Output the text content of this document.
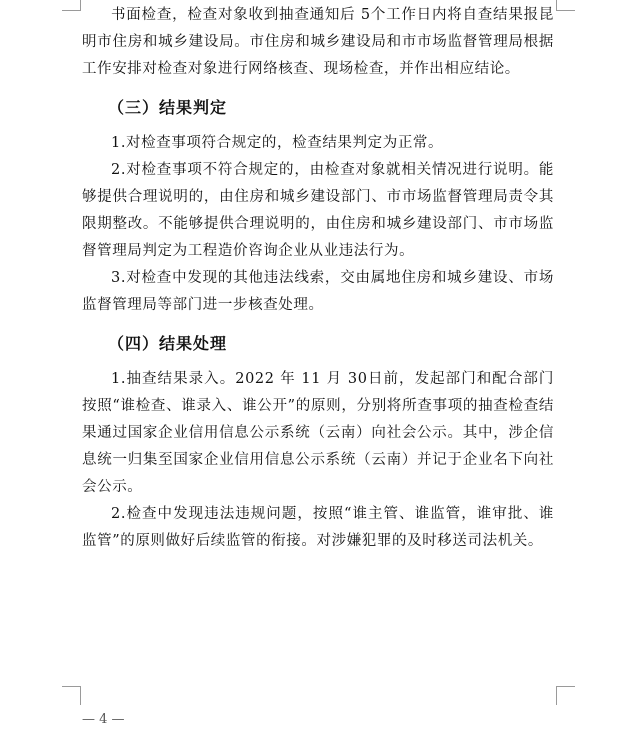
书面检查，检查对象收到抽查通知后 5个工作日内将自查结果报昆明市住房和城乡建设局。市住房和城乡建设局和市市场监督管理局根据工作安排对检查对象进行网络核查、现场检查，并作出相应结论。

（三）结果判定

1.对检查事项符合规定的，检查结果判定为正常。

2.对检查事项不符合规定的，由检查对象就相关情况进行说明。能够提供合理说明的，由住房和城乡建设部门、市市场监督管理局责令其限期整改。不能够提供合理说明的，由住房和城乡建设部门、市市场监督管理局判定为工程造价咨询企业从业违法行为。

3.对检查中发现的其他违法线索，交由属地住房和城乡建设、市场监督管理局等部门进一步核查处理。

（四）结果处理

1.抽查结果录入。2022 年 11 月 30日前，发起部门和配合部门按照“谁检查、谁录入、谁公开”的原则，分别将所查事项的抽查检查结果通过国家企业信用信息公示系统（云南）向社会公示。其中，涉企信息统一归集至国家企业信用信息公示系统（云南）并记于企业名下向社会公示。

2.检查中发现违法违规问题，按照“谁主管、谁监管，谁审批、谁监管”的原则做好后续监管的衔接。对涉嫌犯罪的及时移送司法机关。

— 4 —
